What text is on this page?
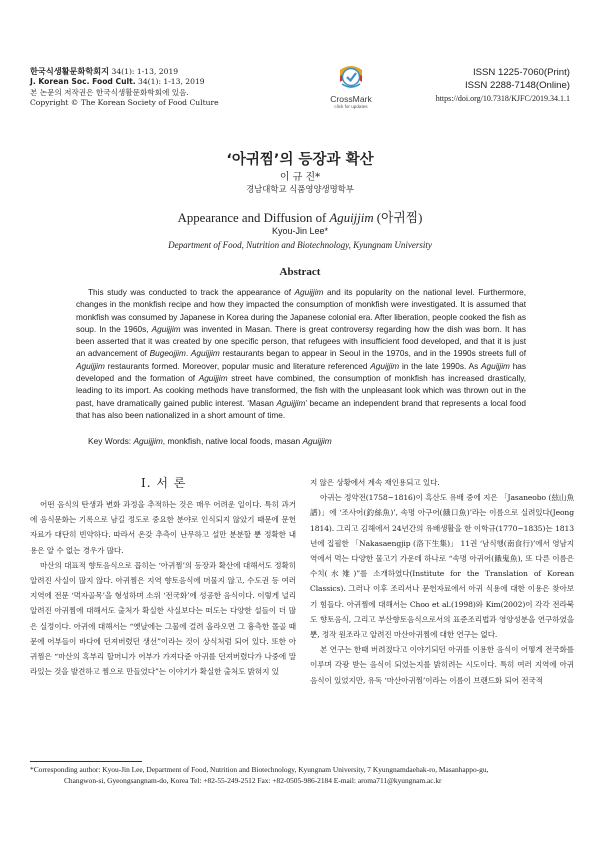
한국식생활문화학회지 34(1): 1-13, 2019
J. Korean Soc. Food Cult. 34(1): 1-13, 2019
본 논문의 저작권은 한국식생활문화학회에 있음.
Copyright © The Korean Society of Food Culture	CrossMark
click for updates
ISSN 1225-7060(Print)
ISSN 2288-7148(Online)
https://doi.org/10.7318/KJFC/2019.34.1.1
‘아귀찜’의 등장과 확산
이 규 진*
경남대학교 식품영양생명학부
Appearance and Diffusion of Aguijjim (아귀찜)
Kyou-Jin Lee*
Department of Food, Nutrition and Biotechnology, Kyungnam University
Abstract

This study was conducted to track the appearance of Aguijjim and its popularity on the national level. Furthermore, changes in the monkfish recipe and how they impacted the consumption of monkfish were investigated. It is assumed that monkfish was consumed by Japanese in Korea during the Japanese colonial era. After liberation, people cooked the fish as soup. In the 1960s, Aguijjim was invented in Masan. There is great controversy regarding how the dish was born. It has been asserted that it was created by one specific person, that refugees with insufficient food developed, and that it is just an advancement of Bugeojjim. Aguijjim restaurants began to appear in Seoul in the 1970s, and in the 1990s streets full of Aguijjim restaurants formed. Moreover, popular music and literature referenced Aguijjim in the late 1990s. As Aguijjim has developed and the formation of Aguijjim street have combined, the consumption of monkfish has increased drastically, leading to its import. As cooking methods have transformed, the fish with the unpleasant look which was thrown out in the past, have dramatically gained public interest. ‘Masan Aguijjim’ became an independent brand that represents a local food that has also been nationalized in a short amount of time.

Key Words: Aguijjim, monkfish, native local foods, masan Aguijjim
Ⅰ. 서 론

어떤 음식의 탄생과 변화 과정을 추적하는 것은 매우 어려운 일이다. 특히 과거에 음식문화는 기록으로 남길 정도로 중요한 분야로 인식되지 않았기 때문에 문헌자료가 대단히 빈약하다. 따라서 온갖 추측이 난무하고 설만 분분할 뿐 정확한 내용은 알 수 없는 경우가 많다.

마산의 대표적 향토음식으로 꼽히는 ‘아귀찜’의 등장과 확산에 대해서도 정확히 알려진 사실이 많지 않다. 아귀찜은 지역 향토음식에 머물지 않고, 수도권 등 여러 지역에 전문 ‘먹자골목’을 형성하며 소위 ‘전국화’에 성공한 음식이다. 이렇게 널리 알려진 아귀찜에 대해서도 출처가 확실한 사실보다는 떠도는 다양한 설들이 더 많은 실정이다. 아귀에 대해서는 “옛날에는 그물에 걸려 올라오면 그 흉측한 몰골 때문에 어부들이 바다에 던져버렸던 생선”이라는 것이 상식처럼 되어 있다. 또한 아귀찜은 “마산의 혹부리 할머니가 어부가 가져다준 아귀를 던져버렸다가 나중에 말라있는 것을 발견하고 찜으로 만들었다”는 이야기가 확실한 출처도 밝혀지 있

지 않은 상황에서 계속 재인용되고 있다.

아귀는 정약전(1758~1816)이 흑산도 유배 중에 지은 「Jasaneobo (玆山魚譜)」에 ‘조사어(釣絲魚)’, 속명 아구어(餓口魚)’라는 이름으로 실려있다(Jeong 1814). 그리고 김해에서 24년간의 유배생활을 한 이학규(1770~1835)는 1813년에 집필한 「Nakasaengjip (洛下生集)」 11권 ‘남식행(南食行)’에서 영남지역에서 먹는 다양한 물고기 가운데 하나로 “속명 아귀어(餓鬼魚), 또 다른 이름은 수치(水雉)”를 소개하였다(Institute for the Translation of Korean Classics). 그러나 이후 조리서나 문헌자료에서 아귀 식용에 대한 이용은 찾아보기 힘들다. 아귀찜에 대해서는 Choo et al.(1998)와 Kim(2002)이 각각 전라북도 향토음식, 그리고 부산향토음식으로서의 표준조리법과 영양성분을 연구하였을 뿐, 정작 원조라고 알려진 마산아귀찜에 대한 연구는 없다.

본 연구는 한때 버려졌다고 이야기되던 아귀를 이용한 음식이 어떻게 전국화를 이루며 각광 받는 음식이 되었는지를 밝히려는 시도이다. 특히 여러 지역에 아귀 음식이 있었지만, 유독 ‘마산아귀찜’이라는 이름이 브랜드화 되어 전국적

*Corresponding author: Kyou-Jin Lee, Department of Food, Nutrition and Biotechnology, Kyungnam University, 7 Kyungnamdaehak-ro, Masanhappo-gu,
Changwon-si, Gyeongsangnam-do, Korea Tel: +82-55-249-2512 Fax: +82-0505-986-2184 E-mail: aroma711@kyungnam.ac.kr
